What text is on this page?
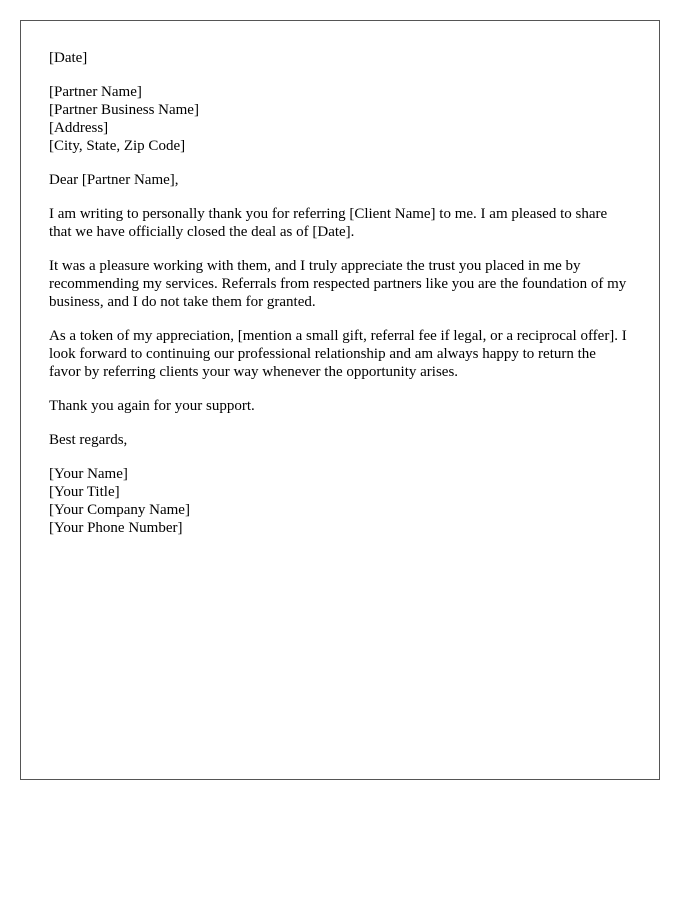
[Date]
[Partner Name]
[Partner Business Name]
[Address]
[City, State, Zip Code]

Dear [Partner Name],

I am writing to personally thank you for referring [Client Name] to me. I am pleased to share that we have officially closed the deal as of [Date].

It was a pleasure working with them, and I truly appreciate the trust you placed in me by recommending my services. Referrals from respected partners like you are the foundation of my business, and I do not take them for granted.

As a token of my appreciation, [mention a small gift, referral fee if legal, or a reciprocal offer]. I look forward to continuing our professional relationship and am always happy to return the favor by referring clients your way whenever the opportunity arises.

Thank you again for your support.

Best regards,

[Your Name]
[Your Title]
[Your Company Name]
[Your Phone Number]
